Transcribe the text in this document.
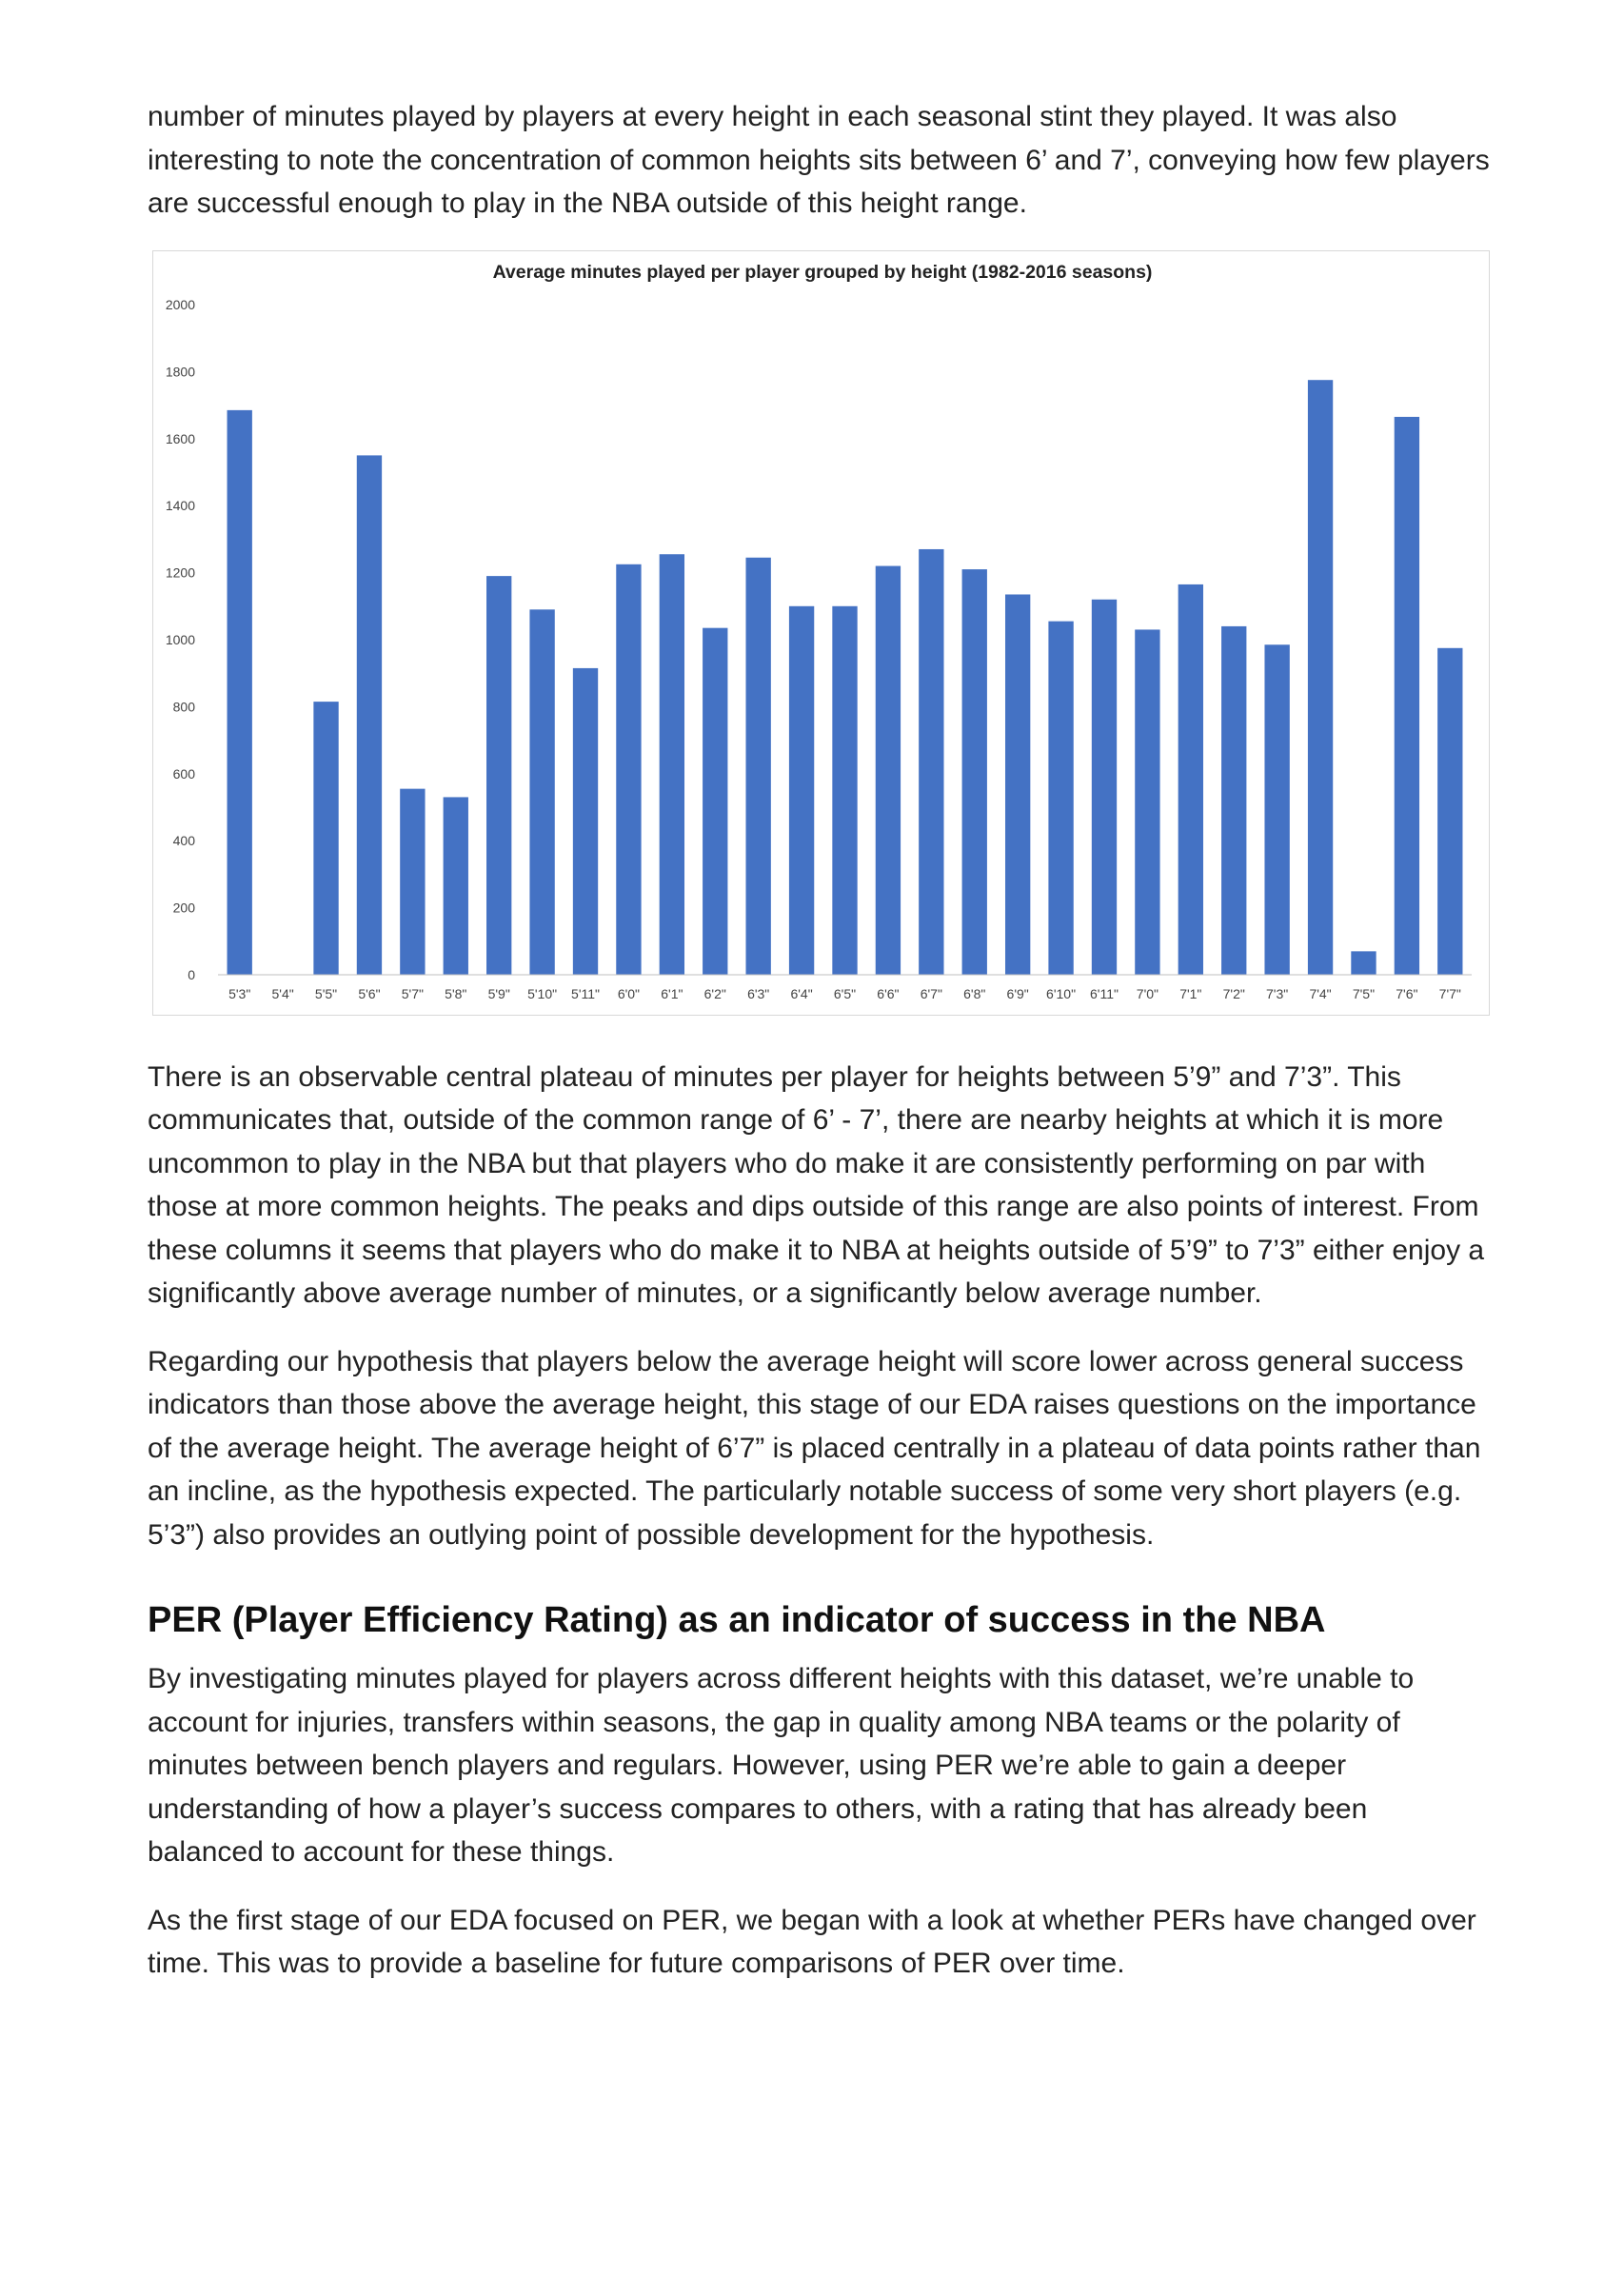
number of minutes played by players at every height in each seasonal stint they played. It was also interesting to note the concentration of common heights sits between 6’ and 7’, conveying how few players are successful enough to play in the NBA outside of this height range.

Average minutes played per player grouped by height (1982-2016 seasons)
0
200
400
600
800
1000
1200
1400
1600
1800
2000
5'3" 5'4" 5'5" 5'6" 5'7" 5'8" 5'9" 5'10" 5'11" 6'0" 6'1" 6'2" 6'3" 6'4" 6'5" 6'6" 6'7" 6'8" 6'9" 6'10" 6'11" 7'0" 7'1" 7'2" 7'3" 7'4" 7'5" 7'6" 7'7"

There is an observable central plateau of minutes per player for heights between 5’9” and 7’3”. This communicates that, outside of the common range of 6’ - 7’, there are nearby heights at which it is more uncommon to play in the NBA but that players who do make it are consistently performing on par with those at more common heights. The peaks and dips outside of this range are also points of interest. From these columns it seems that players who do make it to NBA at heights outside of 5’9” to 7’3” either enjoy a significantly above average number of minutes, or a significantly below average number.

Regarding our hypothesis that players below the average height will score lower across general success indicators than those above the average height, this stage of our EDA raises questions on the importance of the average height. The average height of 6’7” is placed centrally in a plateau of data points rather than an incline, as the hypothesis expected. The particularly notable success of some very short players (e.g. 5’3”) also provides an outlying point of possible development for the hypothesis.

PER (Player Efficiency Rating) as an indicator of success in the NBA

By investigating minutes played for players across different heights with this dataset, we’re unable to account for injuries, transfers within seasons, the gap in quality among NBA teams or the polarity of minutes between bench players and regulars. However, using PER we’re able to gain a deeper understanding of how a player’s success compares to others, with a rating that has already been balanced to account for these things.

As the first stage of our EDA focused on PER, we began with a look at whether PERs have changed over time. This was to provide a baseline for future comparisons of PER over time.
